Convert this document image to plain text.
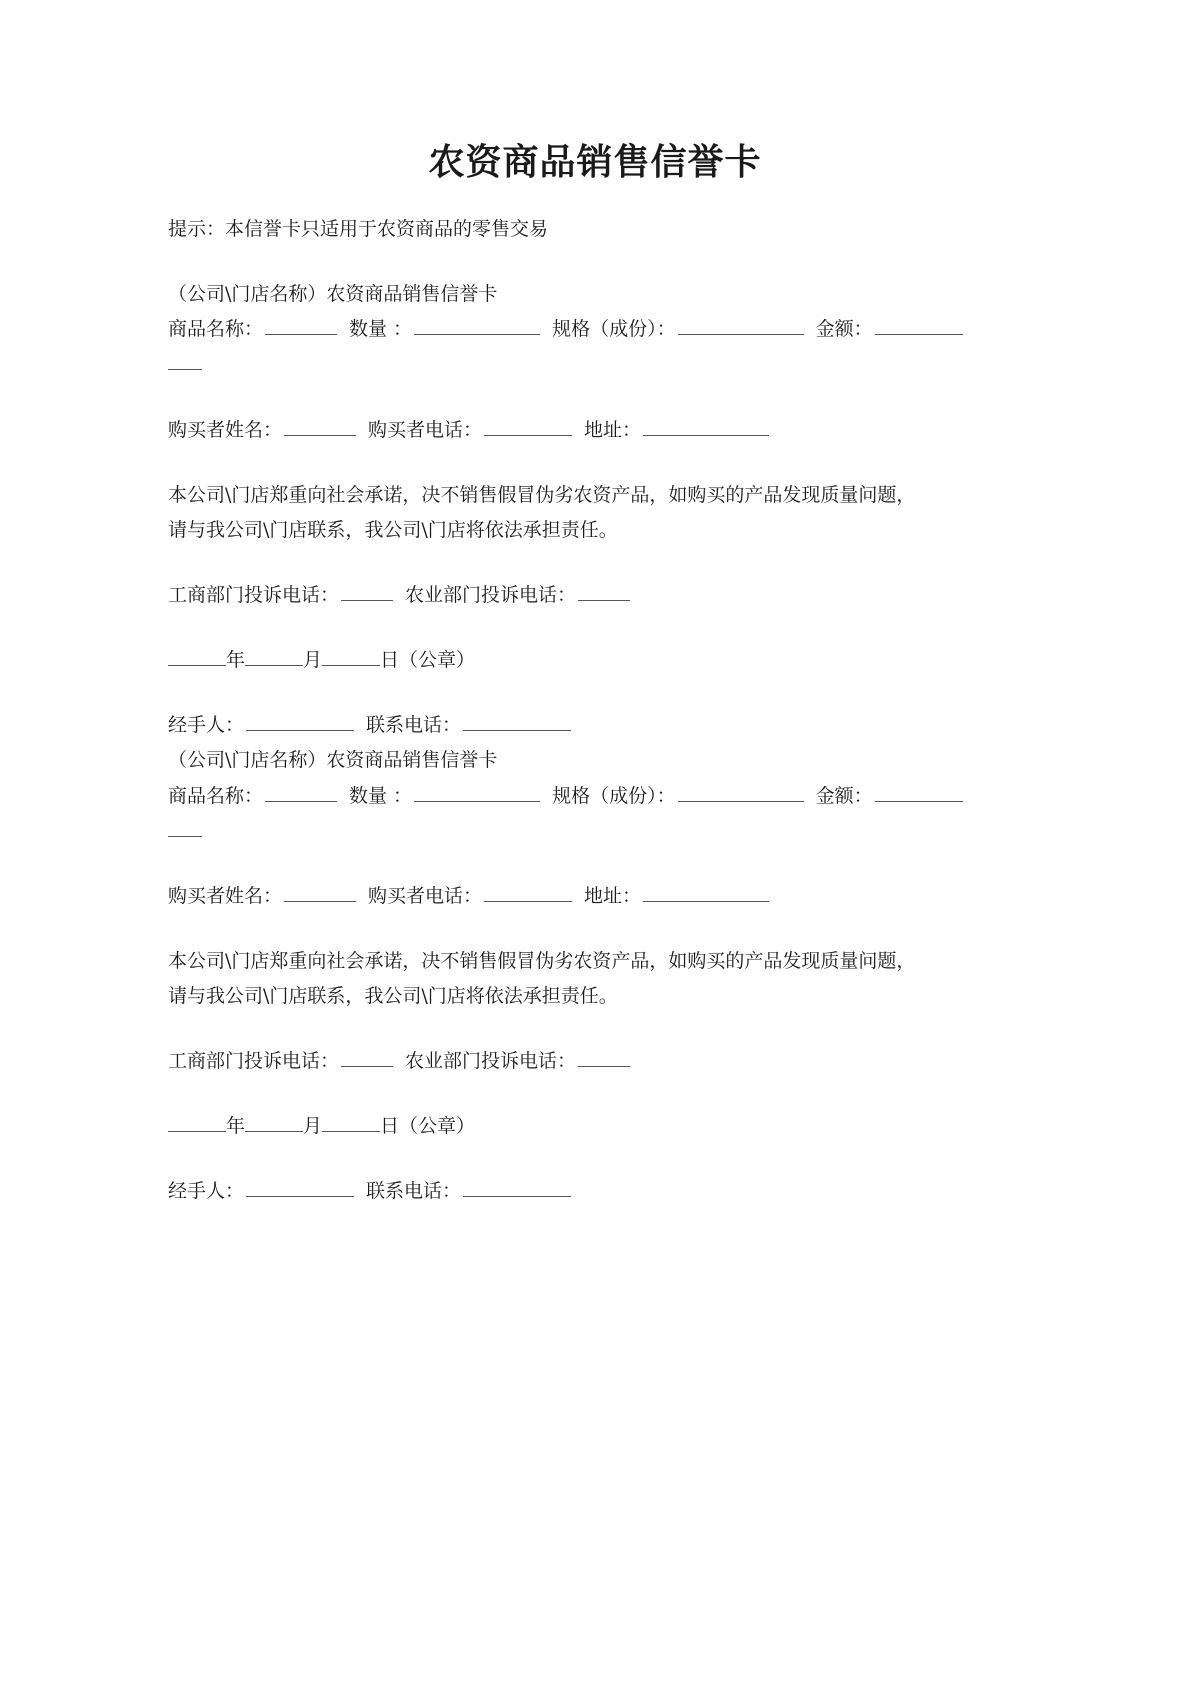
农资商品销售信誉卡

提示：本信誉卡只适用于农资商品的零售交易

（公司\门店名称）农资商品销售信誉卡

商品名称：	数量 ：	规格（成份）：	金额：

购买者姓名：	购买者电话：	地址：

本公司\门店郑重向社会承诺，决不销售假冒伪劣农资产品，如购买的产品发现质量问题，

请与我公司\门店联系，我公司\门店将依法承担责任。

工商部门投诉电话：	农业部门投诉电话：

年	月	日（公章）

经手人：	联系电话：

（公司\门店名称）农资商品销售信誉卡

商品名称：	数量 ：	规格（成份）：	金额：

购买者姓名：	购买者电话：	地址：

本公司\门店郑重向社会承诺，决不销售假冒伪劣农资产品，如购买的产品发现质量问题，

请与我公司\门店联系，我公司\门店将依法承担责任。

工商部门投诉电话：	农业部门投诉电话：

年	月	日（公章）

经手人：	联系电话：
